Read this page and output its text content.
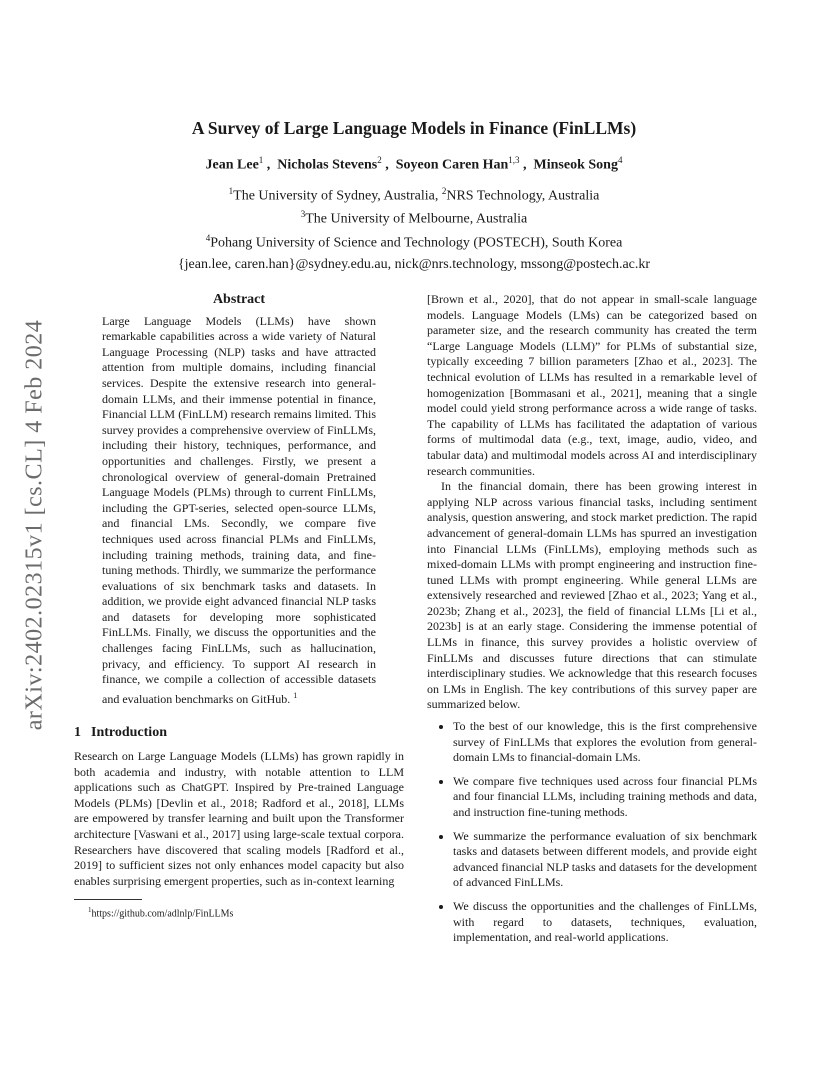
arXiv:2402.02315v1 [cs.CL] 4 Feb 2024
A Survey of Large Language Models in Finance (FinLLMs)
Jean Lee$^1$ ,  Nicholas Stevens$^2$ ,  Soyeon Caren Han$^{1,3}$ ,  Minseok Song$^4$
$^1$The University of Sydney, Australia, $^2$NRS Technology, Australia
$^3$The University of Melbourne, Australia
$^4$Pohang University of Science and Technology (POSTECH), South Korea
{jean.lee, caren.han}@sydney.edu.au, nick@nrs.technology, mssong@postech.ac.kr
Abstract
Large Language Models (LLMs) have shown remarkable capabilities across a wide variety of Natural Language Processing (NLP) tasks and have attracted attention from multiple domains, including financial services. Despite the extensive research into general-domain LLMs, and their immense potential in finance, Financial LLM (FinLLM) research remains limited. This survey provides a comprehensive overview of FinLLMs, including their history, techniques, performance, and opportunities and challenges. Firstly, we present a chronological overview of general-domain Pretrained Language Models (PLMs) through to current FinLLMs, including the GPT-series, selected open-source LLMs, and financial LMs. Secondly, we compare five techniques used across financial PLMs and FinLLMs, including training methods, training data, and fine-tuning methods. Thirdly, we summarize the performance evaluations of six benchmark tasks and datasets. In addition, we provide eight advanced financial NLP tasks and datasets for developing more sophisticated FinLLMs. Finally, we discuss the opportunities and the challenges facing FinLLMs, such as hallucination, privacy, and efficiency. To support AI research in finance, we compile a collection of accessible datasets and evaluation benchmarks on GitHub. $^1$
1 Introduction

Research on Large Language Models (LLMs) has grown rapidly in both academia and industry, with notable attention to LLM applications such as ChatGPT. Inspired by Pre-trained Language Models (PLMs) [Devlin et al., 2018; Radford et al., 2018], LLMs are empowered by transfer learning and built upon the Transformer architecture [Vaswani et al., 2017] using large-scale textual corpora. Researchers have discovered that scaling models [Radford et al., 2019] to sufficient sizes not only enhances model capacity but also enables surprising emergent properties, such as in-context learning

$^1$https://github.com/adlnlp/FinLLMs

[Brown et al., 2020], that do not appear in small-scale language models. Language Models (LMs) can be categorized based on parameter size, and the research community has created the term “Large Language Models (LLM)” for PLMs of substantial size, typically exceeding 7 billion parameters [Zhao et al., 2023]. The technical evolution of LLMs has resulted in a remarkable level of homogenization [Bommasani et al., 2021], meaning that a single model could yield strong performance across a wide range of tasks. The capability of LLMs has facilitated the adaptation of various forms of multimodal data (e.g., text, image, audio, video, and tabular data) and multimodal models across AI and interdisciplinary research communities.

In the financial domain, there has been growing interest in applying NLP across various financial tasks, including sentiment analysis, question answering, and stock market prediction. The rapid advancement of general-domain LLMs has spurred an investigation into Financial LLMs (FinLLMs), employing methods such as mixed-domain LLMs with prompt engineering and instruction fine-tuned LLMs with prompt engineering. While general LLMs are extensively researched and reviewed [Zhao et al., 2023; Yang et al., 2023b; Zhang et al., 2023], the field of financial LLMs [Li et al., 2023b] is at an early stage. Considering the immense potential of LLMs in finance, this survey provides a holistic overview of FinLLMs and discusses future directions that can stimulate interdisciplinary studies. We acknowledge that this research focuses on LMs in English. The key contributions of this survey paper are summarized below.

• To the best of our knowledge, this is the first comprehensive survey of FinLLMs that explores the evolution from general-domain LMs to financial-domain LMs.
• We compare five techniques used across four financial PLMs and four financial LLMs, including training methods and data, and instruction fine-tuning methods.
• We summarize the performance evaluation of six benchmark tasks and datasets between different models, and provide eight advanced financial NLP tasks and datasets for the development of advanced FinLLMs.
• We discuss the opportunities and the challenges of FinLLMs, with regard to datasets, techniques, evaluation, implementation, and real-world applications.
